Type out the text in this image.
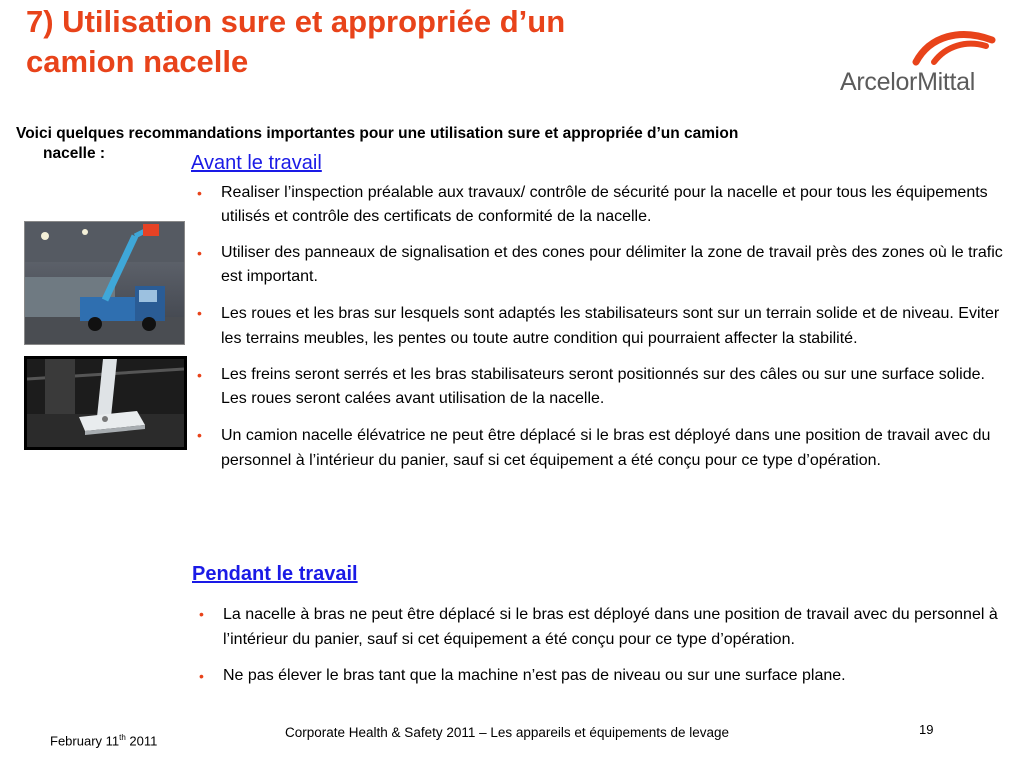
7) Utilisation sure et appropriée d’un
camion nacelle
ArcelorMittal
Voici quelques recommandations importantes pour une utilisation sure et appropriée d’un camion
nacelle :	Avant le travail
• Realiser l’inspection préalable aux travaux/ contrôle de sécurité pour la nacelle et pour tous les équipements utilisés et contrôle des certificats de conformité de la nacelle.
• Utiliser des panneaux de signalisation et des cones pour délimiter la zone de travail près des zones où le trafic est important.
• Les roues et les bras sur lesquels sont adaptés les stabilisateurs sont sur un terrain solide et de niveau. Eviter les terrains meubles, les pentes ou toute autre condition qui pourraient affecter la stabilité.
• Les freins seront serrés et les bras stabilisateurs seront positionnés sur des câles ou sur une surface solide. Les roues seront calées avant utilisation de la nacelle.
• Un camion nacelle élévatrice ne peut être déplacé si le bras est déployé dans une position de travail avec du personnel à l’intérieur du panier, sauf si cet équipement a été conçu pour ce type d’opération.
Pendant le travail
• La nacelle à bras ne peut être déplacé si le bras est déployé dans une position de travail avec du personnel à l’intérieur du panier, sauf si cet équipement a été conçu pour ce type d’opération.
• Ne pas élever le bras tant que la machine n’est pas de niveau ou sur une surface plane.
February 11th 2011
Corporate Health & Safety 2011 – Les appareils et équipements de levage	19
